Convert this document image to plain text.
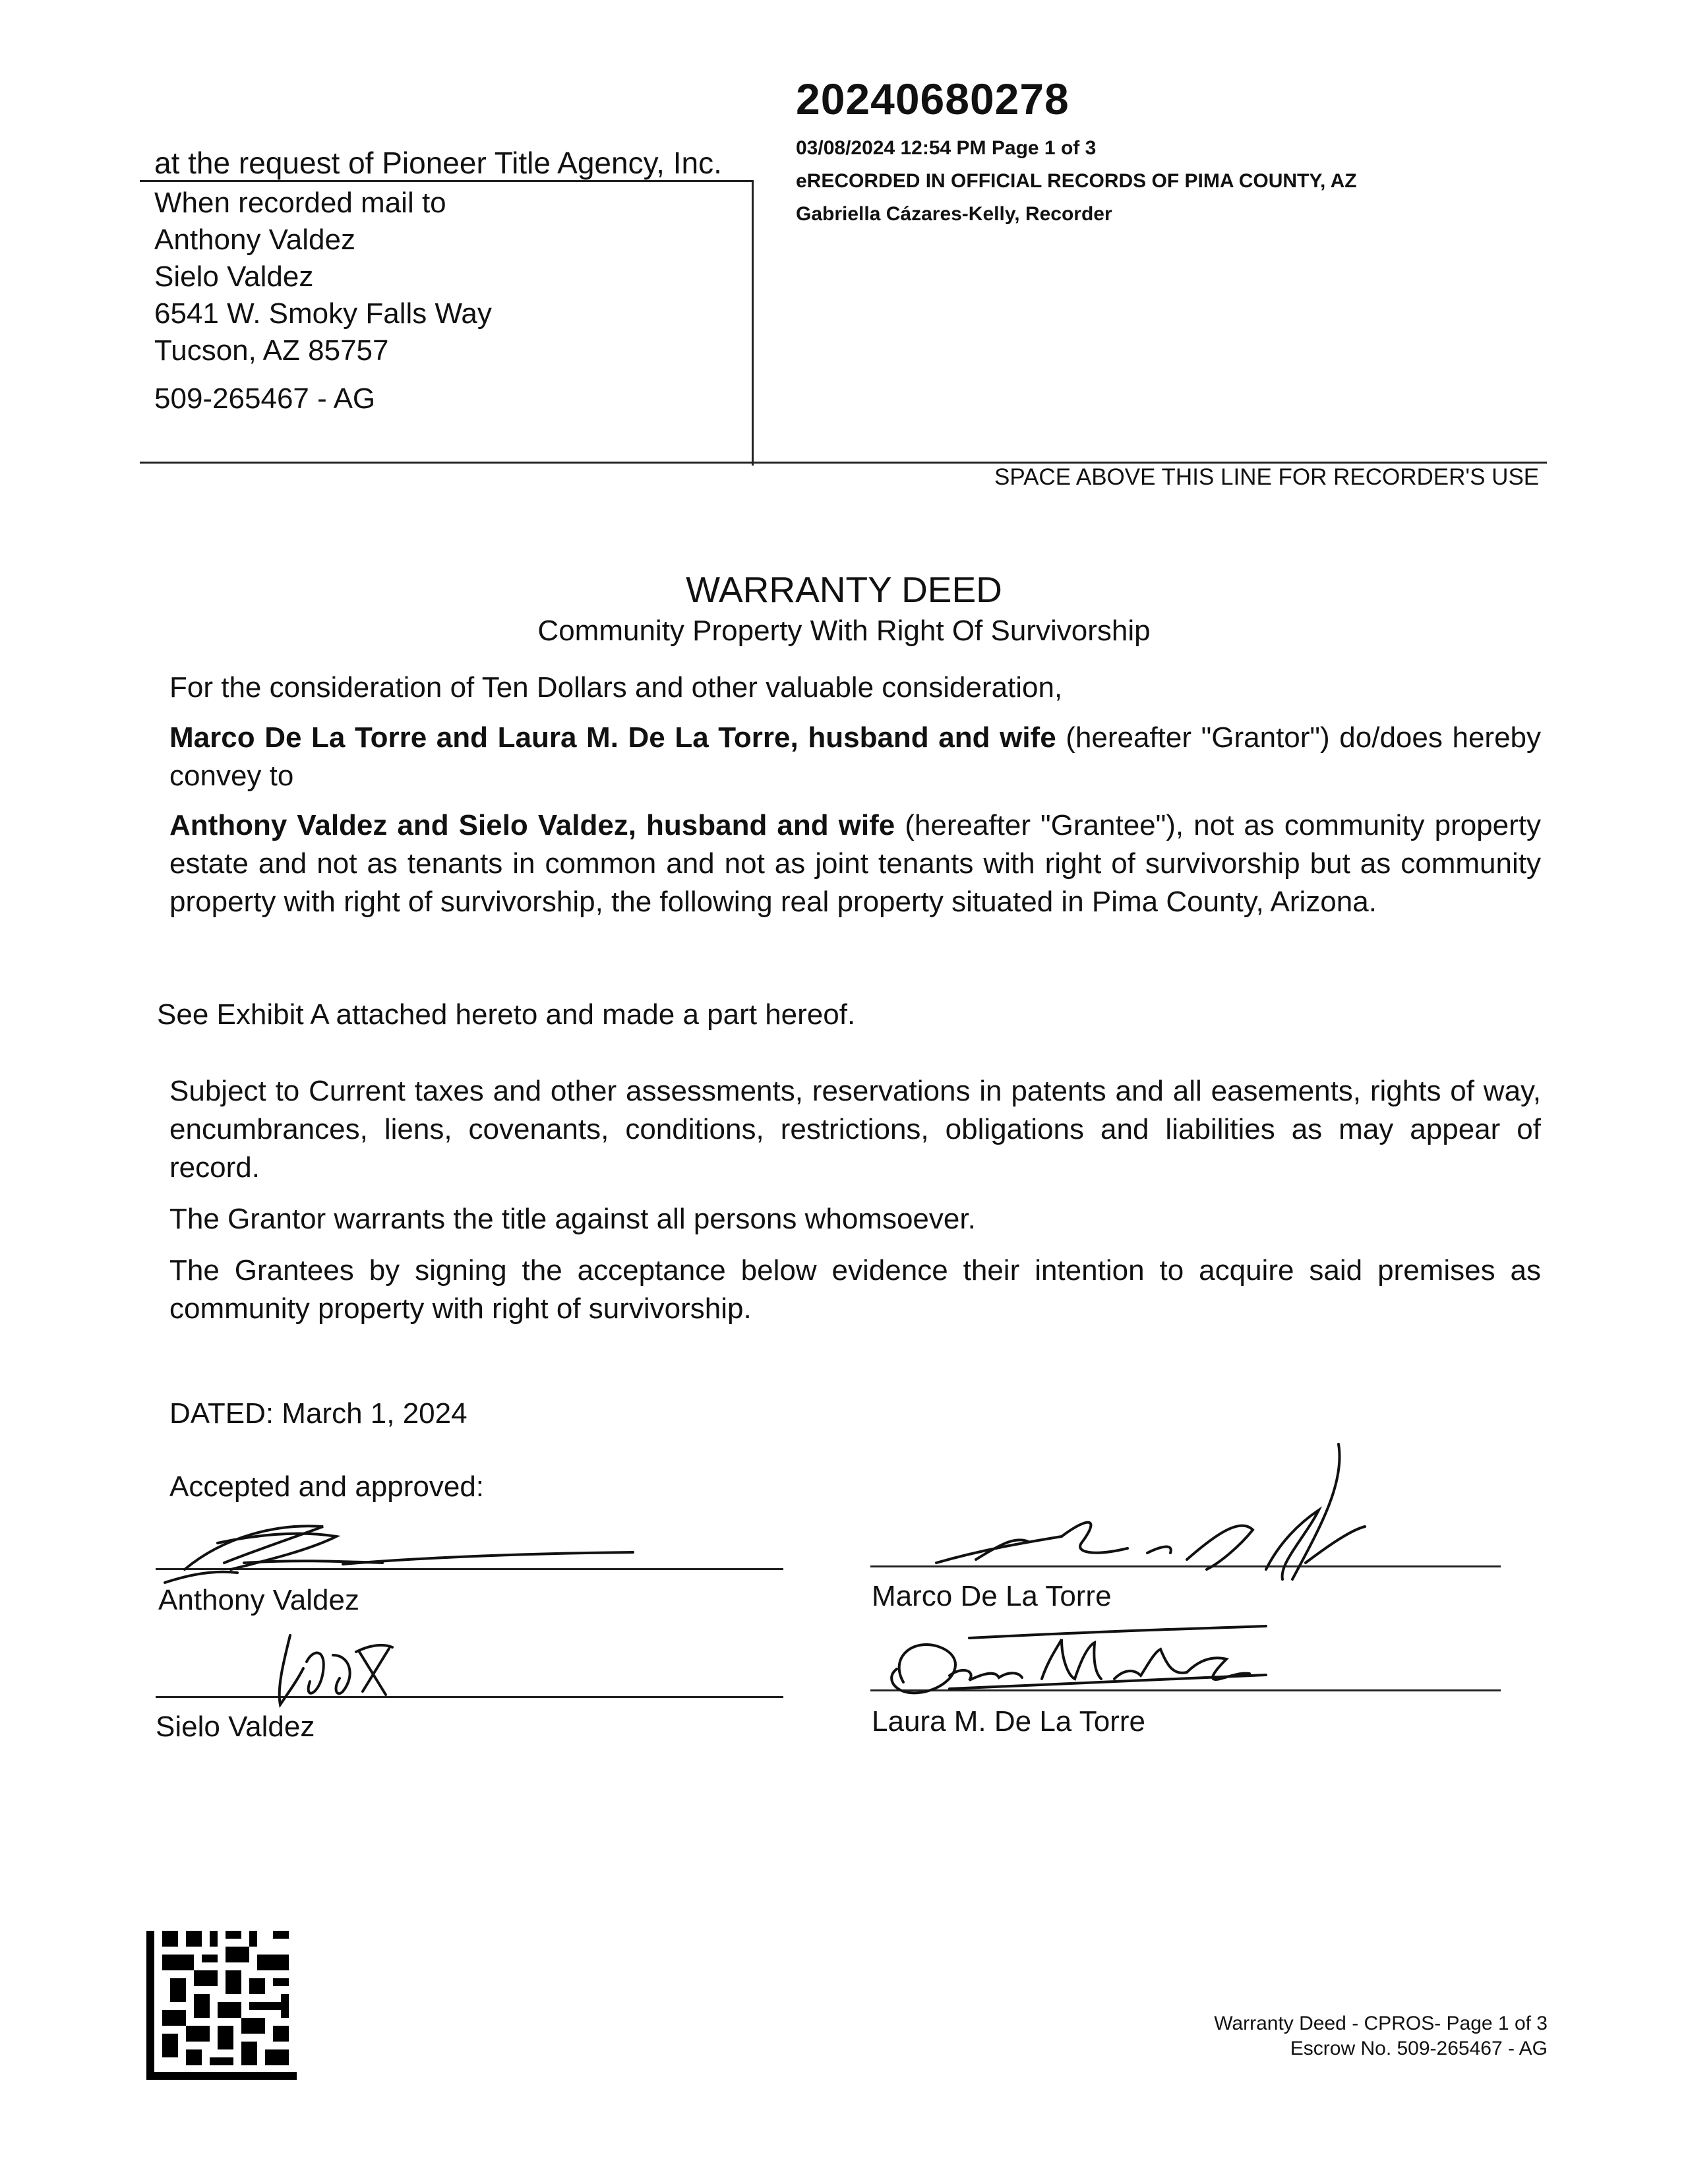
20240680278
03/08/2024 12:54 PM Page 1 of 3
eRECORDED IN OFFICIAL RECORDS OF PIMA COUNTY, AZ
Gabriella Cázares-Kelly, Recorder
at the request of Pioneer Title Agency, Inc.
When recorded mail to
Anthony Valdez
Sielo Valdez
6541 W. Smoky Falls Way
Tucson, AZ 85757
509-265467 - AG
SPACE ABOVE THIS LINE FOR RECORDER'S USE
WARRANTY DEED
Community Property With Right Of Survivorship
For the consideration of Ten Dollars and other valuable consideration,
Marco De La Torre and Laura M. De La Torre, husband and wife (hereafter "Grantor") do/does hereby convey to
Anthony Valdez and Sielo Valdez, husband and wife (hereafter "Grantee"), not as community property estate and not as tenants in common and not as joint tenants with right of survivorship but as community property with right of survivorship, the following real property situated in Pima County, Arizona.
See Exhibit A attached hereto and made a part hereof.
Subject to Current taxes and other assessments, reservations in patents and all easements, rights of way, encumbrances, liens, covenants, conditions, restrictions, obligations and liabilities as may appear of record.
The Grantor warrants the title against all persons whomsoever.
The Grantees by signing the acceptance below evidence their intention to acquire said premises as community property with right of survivorship.
DATED: March 1, 2024
Accepted and approved:
Anthony Valdez
Sielo Valdez
Marco De La Torre
Laura M. De La Torre
Warranty Deed - CPROS- Page 1 of 3
Escrow No. 509-265467 - AG
